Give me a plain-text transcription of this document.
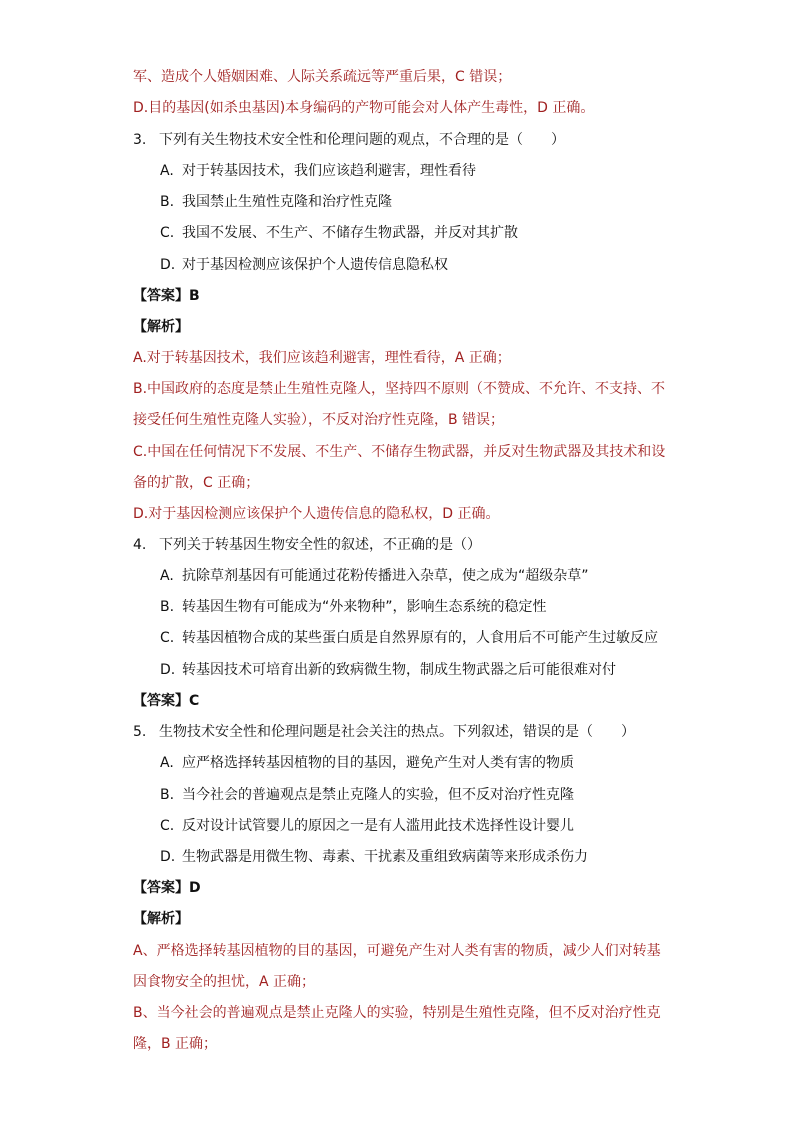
军、造成个人婚姻困难、人际关系疏远等严重后果，C 错误；
D.目的基因(如杀虫基因)本身编码的产物可能会对人体产生毒性，D 正确。
3. 下列有关生物技术安全性和伦理问题的观点，不合理的是（　　）
A. 对于转基因技术，我们应该趋利避害，理性看待
B. 我国禁止生殖性克隆和治疗性克隆
C. 我国不发展、不生产、不储存生物武器，并反对其扩散
D. 对于基因检测应该保护个人遗传信息隐私权
【答案】B
【解析】
A.对于转基因技术，我们应该趋利避害，理性看待，A 正确；
B.中国政府的态度是禁止生殖性克隆人，坚持四不原则（不赞成、不允许、不支持、不
接受任何生殖性克隆人实验），不反对治疗性克隆，B 错误；
C.中国在任何情况下不发展、不生产、不储存生物武器，并反对生物武器及其技术和设
备的扩散，C 正确；
D.对于基因检测应该保护个人遗传信息的隐私权，D 正确。
4. 下列关于转基因生物安全性的叙述，不正确的是（）
A. 抗除草剂基因有可能通过花粉传播进入杂草，使之成为“超级杂草”
B. 转基因生物有可能成为“外来物种”，影响生态系统的稳定性
C. 转基因植物合成的某些蛋白质是自然界原有的，人食用后不可能产生过敏反应
D. 转基因技术可培育出新的致病微生物，制成生物武器之后可能很难对付
【答案】C
5. 生物技术安全性和伦理问题是社会关注的热点。下列叙述，错误的是（　　）
A. 应严格选择转基因植物的目的基因，避免产生对人类有害的物质
B. 当今社会的普遍观点是禁止克隆人的实验，但不反对治疗性克隆
C. 反对设计试管婴儿的原因之一是有人滥用此技术选择性设计婴儿
D. 生物武器是用微生物、毒素、干扰素及重组致病菌等来形成杀伤力
【答案】D
【解析】
A、严格选择转基因植物的目的基因，可避免产生对人类有害的物质，减少人们对转基
因食物安全的担忧，A 正确；
B、当今社会的普遍观点是禁止克隆人的实验，特别是生殖性克隆，但不反对治疗性克
隆，B 正确；
